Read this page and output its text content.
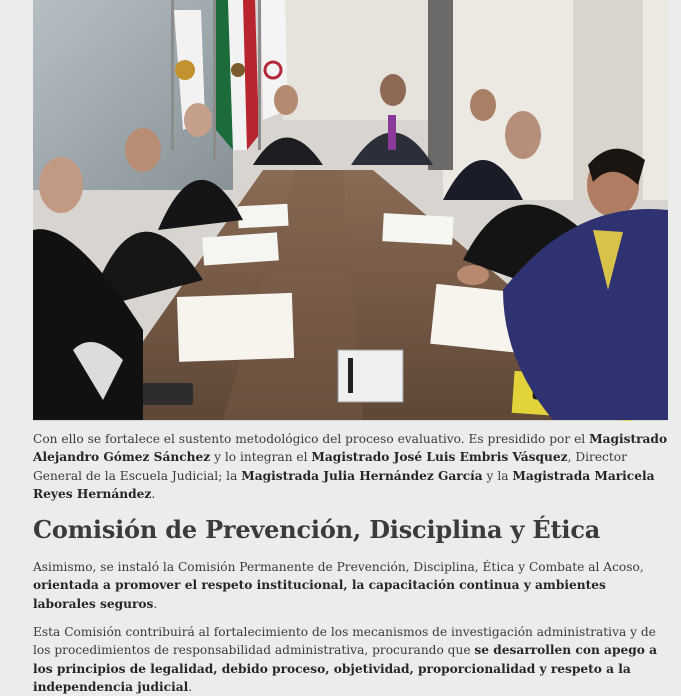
Con ello se fortalece el sustento metodológico del proceso evaluativo. Es presidido por el Magistrado Alejandro Gómez Sánchez y lo integran el Magistrado José Luis Embris Vásquez, Director General de la Escuela Judicial; la Magistrada Julia Hernández García y la Magistrada Maricela Reyes Hernández.

Comisión de Prevención, Disciplina y Ética

Asimismo, se instaló la Comisión Permanente de Prevención, Disciplina, Ética y Combate al Acoso, orientada a promover el respeto institucional, la capacitación continua y ambientes laborales seguros.

Esta Comisión contribuirá al fortalecimiento de los mecanismos de investigación administrativa y de los procedimientos de responsabilidad administrativa, procurando que se desarrollen con apego a los principios de legalidad, debido proceso, objetividad, proporcionalidad y respeto a la independencia judicial.
